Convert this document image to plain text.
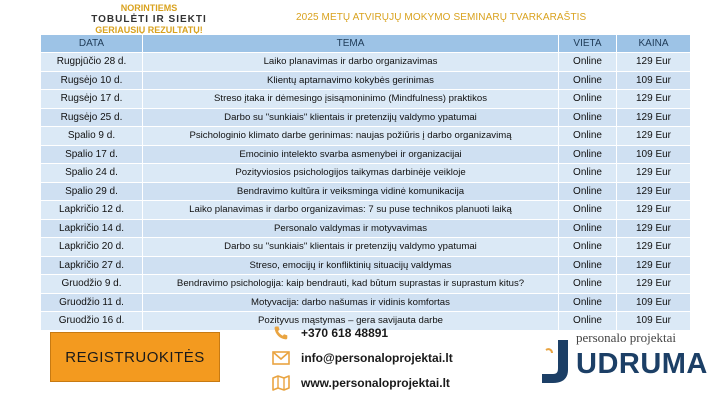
NORINTIEMS
TOBULĖTI IR SIEKTI
GERIAUSIŲ REZULTATŲ!
2025 METŲ ATVIRŲJŲ MOKYMO SEMINARŲ TVARKARAŠTIS
DATA	TEMA	VIETA	KAINA
Rugpjūčio 28 d.	Laiko planavimas ir darbo organizavimas	Online	129 Eur
Rugsėjo 10 d.	Klientų aptarnavimo kokybės gerinimas	Online	109 Eur
Rugsėjo 17 d.	Streso įtaka ir dėmesingo įsisąmoninimo (Mindfulness) praktikos	Online	129 Eur
Rugsėjo 25 d.	Darbo su "sunkiais" klientais ir pretenzijų valdymo ypatumai	Online	129 Eur
Spalio 9 d.	Psichologinio klimato darbe gerinimas: naujas požiūris į darbo organizavimą	Online	129 Eur
Spalio 17 d.	Emocinio intelekto svarba asmenybei ir organizacijai	Online	109 Eur
Spalio 24 d.	Pozityviosios psichologijos taikymas darbinėje veikloje	Online	129 Eur
Spalio 29 d.	Bendravimo kultūra ir veiksminga vidinė komunikacija	Online	129 Eur
Lapkričio 12 d.	Laiko planavimas ir darbo organizavimas: 7 su puse technikos planuoti laiką	Online	129 Eur
Lapkričio 14 d.	Personalo valdymas ir motyvavimas	Online	129 Eur
Lapkričio 20 d.	Darbo su "sunkiais" klientais ir pretenzijų valdymo ypatumai	Online	129 Eur
Lapkričio 27 d.	Streso, emocijų ir konfliktinių situacijų valdymas	Online	129 Eur
Gruodžio 9 d.	Bendravimo psichologija: kaip bendrauti, kad būtum suprastas ir suprastum kitus?	Online	129 Eur
Gruodžio 11 d.	Motyvacija: darbo našumas ir vidinis komfortas	Online	109 Eur
Gruodžio 16 d.	Pozityvus mąstymas – gera savijauta darbe	Online	109 Eur
REGISTRUOKITĖS
+370 618 48891
info@personaloprojektai.lt
www.personaloprojektai.lt
personalo projektai
UDRUMA
